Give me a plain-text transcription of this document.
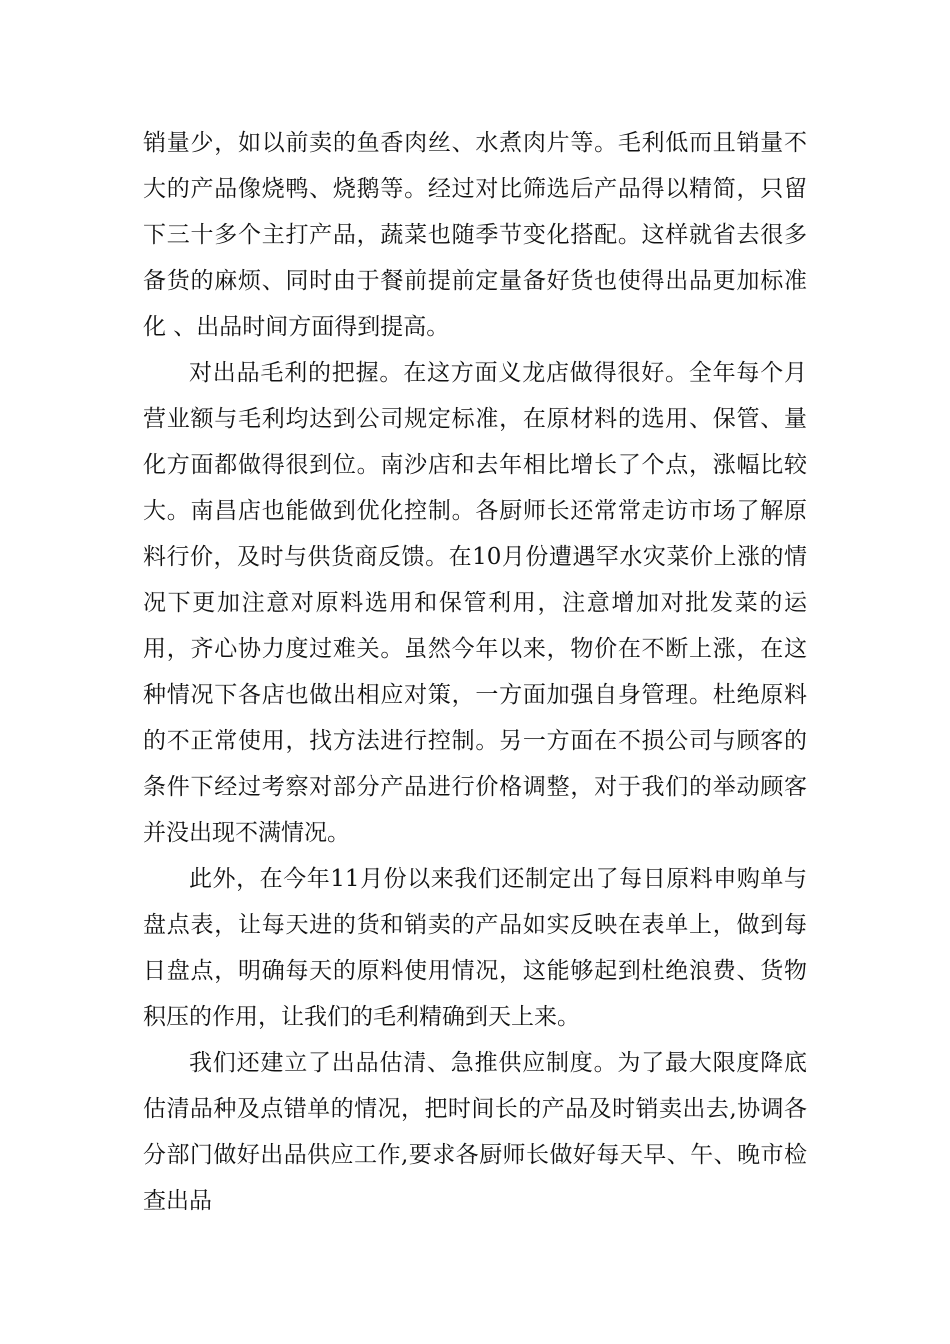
销量少，如以前卖的鱼香肉丝、水煮肉片等。毛利低而且销量不大的产品像烧鸭、烧鹅等。经过对比筛选后产品得以精简，只留下三十多个主打产品，蔬菜也随季节变化搭配。这样就省去很多备货的麻烦、同时由于餐前提前定量备好货也使得出品更加标准化 、出品时间方面得到提高。

对出品毛利的把握。在这方面义龙店做得很好。全年每个月营业额与毛利均达到公司规定标准，在原材料的选用、保管、量化方面都做得很到位。南沙店和去年相比增长了个点，涨幅比较大。南昌店也能做到优化控制。各厨师长还常常走访市场了解原料行价，及时与供货商反馈。在10月份遭遇罕水灾菜价上涨的情况下更加注意对原料选用和保管利用，注意增加对批发菜的运用，齐心协力度过难关。虽然今年以来，物价在不断上涨，在这种情况下各店也做出相应对策，一方面加强自身管理。杜绝原料的不正常使用，找方法进行控制。另一方面在不损公司与顾客的条件下经过考察对部分产品进行价格调整，对于我们的举动顾客并没出现不满情况。

此外，在今年11月份以来我们还制定出了每日原料申购单与盘点表，让每天进的货和销卖的产品如实反映在表单上，做到每日盘点，明确每天的原料使用情况，这能够起到杜绝浪费、货物积压的作用，让我们的毛利精确到天上来。

我们还建立了出品估清、急推供应制度。为了最大限度降底估清品种及点错单的情况，把时间长的产品及时销卖出去,协调各分部门做好出品供应工作,要求各厨师长做好每天早、午、晚市检查出品
